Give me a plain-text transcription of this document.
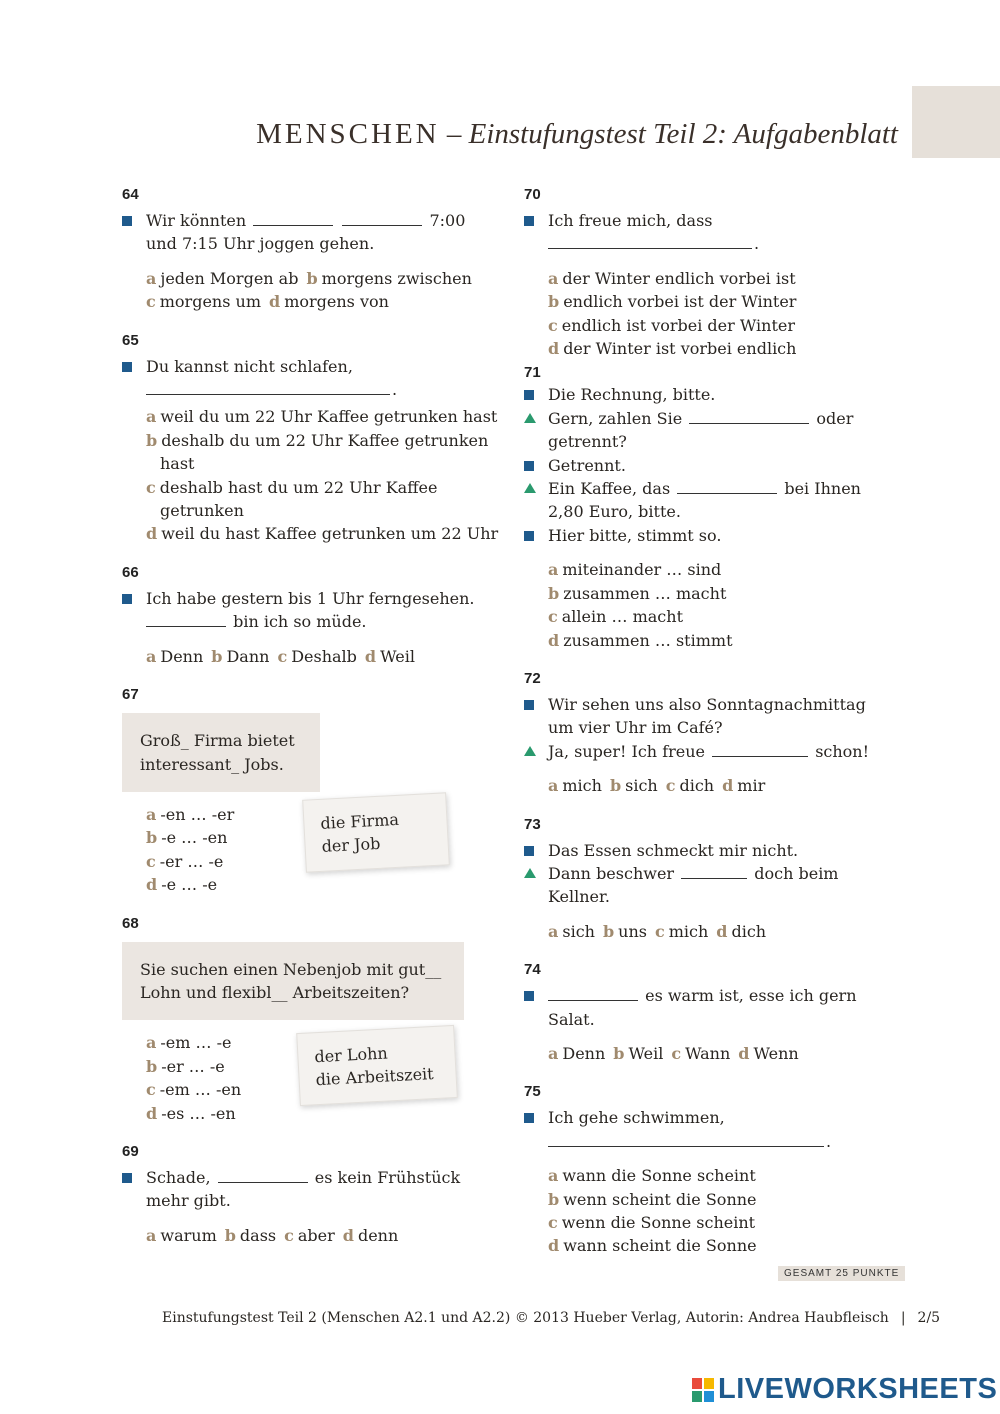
MENSCHEN – Einstufungstest Teil 2: Aufgabenblatt
64
Wir könnten	7:00
und 7:15 Uhr joggen gehen.
a jeden Morgen ab b morgens zwischen
c morgens um d morgens von
65
Du kannst nicht schlafen,
.
a weil du um 22 Uhr Kaffee getrunken hast
b deshalb du um 22 Uhr Kaffee getrunken
hast
c deshalb hast du um 22 Uhr Kaffee
getrunken
d weil du hast Kaffee getrunken um 22 Uhr
66
Ich habe gestern bis 1 Uhr ferngesehen.
bin ich so müde.
a Denn b Dann c Deshalb d Weil
67
Groß_ Firma bietet
interessant_ Jobs.
a -en … -er
b -e … -en
c -er … -e
d -e … -e
die Firma
der Job
68
Sie suchen einen Nebenjob mit gut__
Lohn und flexibl__ Arbeitszeiten?
a -em … -e
b -er … -e
c -em … -en
d -es … -en
der Lohn
die Arbeitszeit
69
Schade,	es kein Frühstück
mehr gibt.
a warum b dass c aber d denn
70
Ich freue mich, dass
.
a der Winter endlich vorbei ist
b endlich vorbei ist der Winter
c endlich ist vorbei der Winter
d der Winter ist vorbei endlich
71
Die Rechnung, bitte.
Gern, zahlen Sie	oder
getrennt?
Getrennt.
Ein Kaffee, das	bei Ihnen
2,80 Euro, bitte.
Hier bitte, stimmt so.
a miteinander … sind
b zusammen … macht
c allein … macht
d zusammen … stimmt
72
Wir sehen uns also Sonntagnachmittag
um vier Uhr im Café?
Ja, super! Ich freue	schon!
a mich b sich c dich d mir
73
Das Essen schmeckt mir nicht.
Dann beschwer	doch beim
Kellner.
a sich b uns c mich d dich
74
es warm ist, esse ich gern Salat.
a Denn b Weil c Wann d Wenn
75
Ich gehe schwimmen,
.
a wann die Sonne scheint
b wenn scheint die Sonne
c wenn die Sonne scheint
d wann scheint die Sonne
GESAMT 25 PUNKTE
Einstufungstest Teil 2 (Menschen A2.1 und A2.2) © 2013 Hueber Verlag, Autorin: Andrea Haubfleisch | 2/5
LIVEWORKSHEETS
